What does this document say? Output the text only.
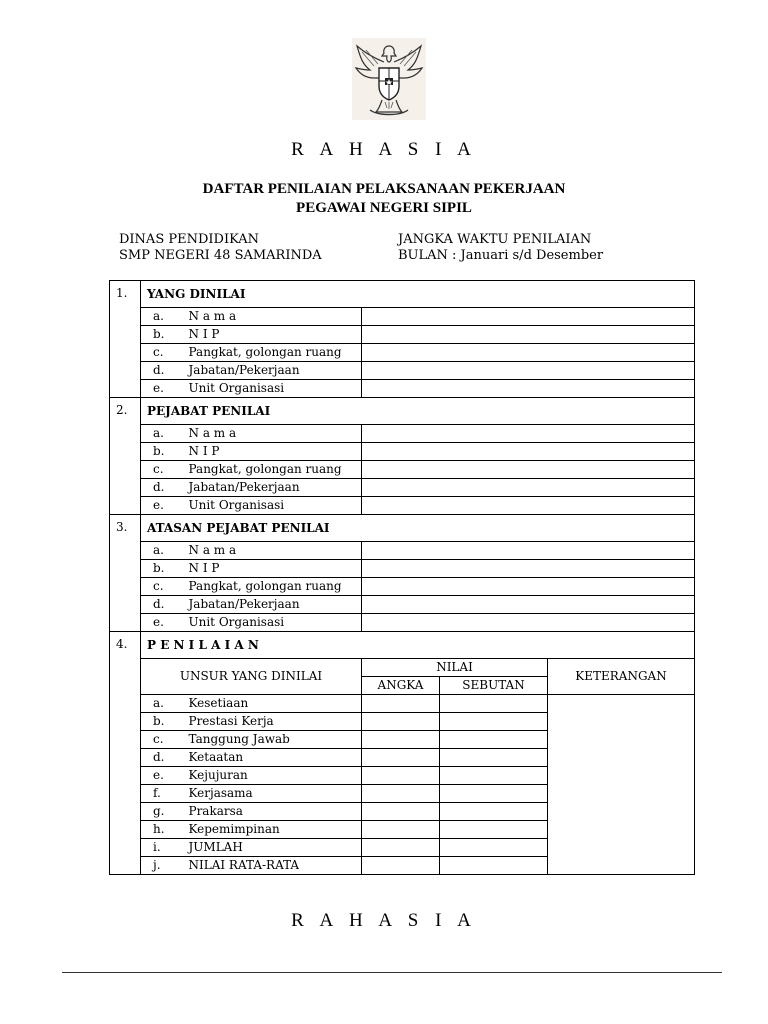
R A H A S I A
DAFTAR PENILAIAN PELAKSANAAN PEKERJAAN
PEGAWAI NEGERI SIPIL
DINAS PENDIDIKAN
SMP NEGERI 48 SAMARINDA
JANGKA WAKTU PENILAIAN
BULAN : Januari s/d Desember
1.	YANG DINILAI				
	a.	N a m a			
	b.	N I P			
	c.	Pangkat, golongan ruang			
	d.	Jabatan/Pekerjaan			
	e.	Unit Organisasi			
2.	PEJABAT PENILAI				
	a.	N a m a			
	b.	N I P			
	c.	Pangkat, golongan ruang			
	d.	Jabatan/Pekerjaan			
	e.	Unit Organisasi			
3.	ATASAN PEJABAT PENILAI				
	a.	N a m a			
	b.	N I P			
	c.	Pangkat, golongan ruang			
	d.	Jabatan/Pekerjaan			
	e.	Unit Organisasi			
4.	P E N I L A I A N				
	UNSUR YANG DINILAI		NILAI		KETERANGAN
			ANGKA	SEBUTAN	
	a.	Kesetiaan			
	b.	Prestasi Kerja			
	c.	Tanggung Jawab			
	d.	Ketaatan			
	e.	Kejujuran			
	f.	Kerjasama			
	g.	Prakarsa			
	h.	Kepemimpinan			
	i.	JUMLAH			
	j.	NILAI RATA-RATA			
R A H A S I A
